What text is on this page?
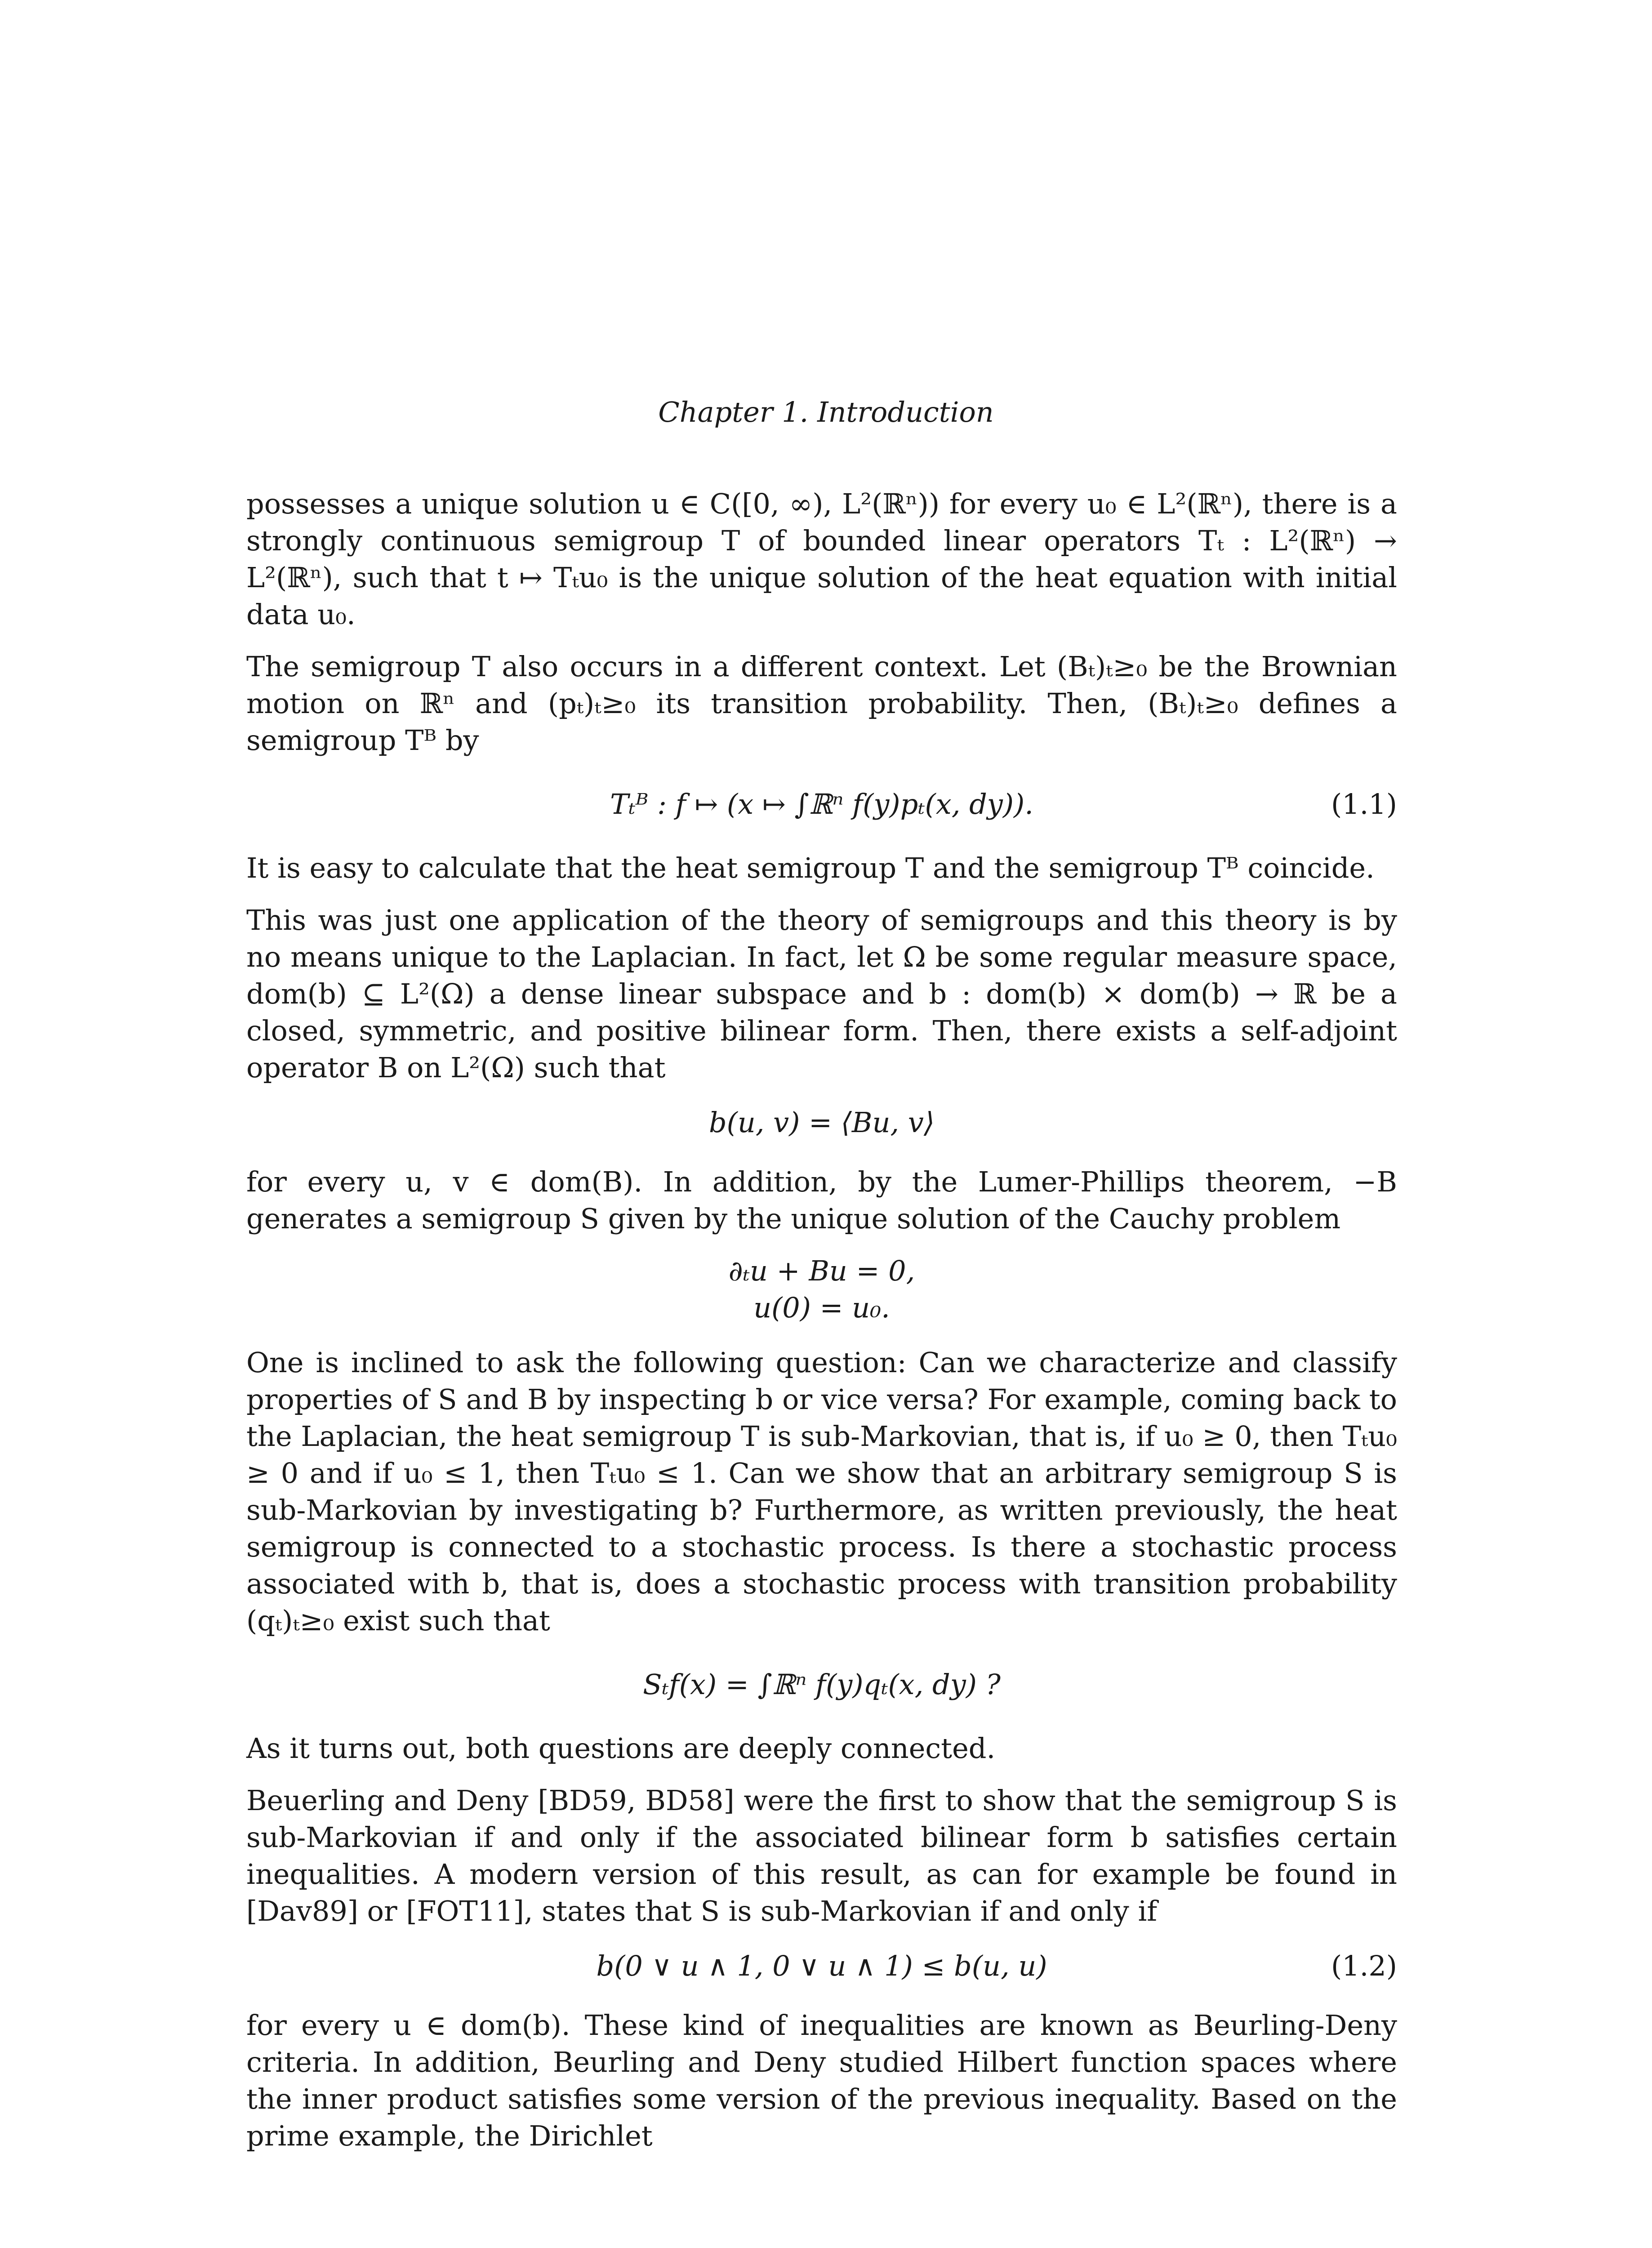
Chapter 1. Introduction

possesses a unique solution u ∈ C([0, ∞), L²(ℝⁿ)) for every u₀ ∈ L²(ℝⁿ), there is a strongly continuous semigroup T of bounded linear operators Tₜ : L²(ℝⁿ) → L²(ℝⁿ), such that t ↦ Tₜu₀ is the unique solution of the heat equation with initial data u₀.

The semigroup T also occurs in a different context. Let (Bₜ)ₜ≥₀ be the Brownian motion on ℝⁿ and (pₜ)ₜ≥₀ its transition probability. Then, (Bₜ)ₜ≥₀ defines a semigroup Tᴮ by

Tₜᴮ : f ↦ (x ↦ ∫ℝⁿ f(y)pₜ(x, dy)).	(1.1)

It is easy to calculate that the heat semigroup T and the semigroup Tᴮ coincide.

This was just one application of the theory of semigroups and this theory is by no means unique to the Laplacian. In fact, let Ω be some regular measure space, dom(b) ⊆ L²(Ω) a dense linear subspace and b : dom(b) × dom(b) → ℝ be a closed, symmetric, and positive bilinear form. Then, there exists a self-adjoint operator B on L²(Ω) such that

b(u, v) = ⟨Bu, v⟩

for every u, v ∈ dom(B). In addition, by the Lumer-Phillips theorem, −B generates a semigroup S given by the unique solution of the Cauchy problem

∂ₜu + Bu = 0,
u(0) = u₀.

One is inclined to ask the following question: Can we characterize and classify properties of S and B by inspecting b or vice versa? For example, coming back to the Laplacian, the heat semigroup T is sub-Markovian, that is, if u₀ ≥ 0, then Tₜu₀ ≥ 0 and if u₀ ≤ 1, then Tₜu₀ ≤ 1. Can we show that an arbitrary semigroup S is sub-Markovian by investigating b? Furthermore, as written previously, the heat semigroup is connected to a stochastic process. Is there a stochastic process associated with b, that is, does a stochastic process with transition probability (qₜ)ₜ≥₀ exist such that

Sₜf(x) = ∫ℝⁿ f(y)qₜ(x, dy) ?

As it turns out, both questions are deeply connected.

Beuerling and Deny [BD59, BD58] were the first to show that the semigroup S is sub-Markovian if and only if the associated bilinear form b satisfies certain inequalities. A modern version of this result, as can for example be found in [Dav89] or [FOT11], states that S is sub-Markovian if and only if

b(0 ∨ u ∧ 1, 0 ∨ u ∧ 1) ≤ b(u, u)	(1.2)

for every u ∈ dom(b). These kind of inequalities are known as Beurling-Deny criteria. In addition, Beurling and Deny studied Hilbert function spaces where the inner product satisfies some version of the previous inequality. Based on the prime example, the Dirichlet
